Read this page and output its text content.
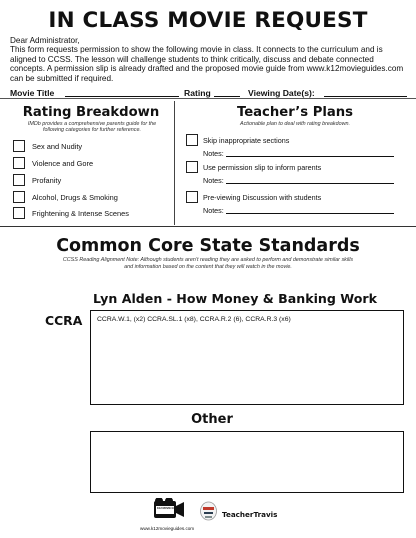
IN CLASS MOVIE REQUEST
Dear Administrator,
This form requests permission to show the following movie in class. It connects to the curriculum and is aligned to CCSS. The lesson will challenge students to think critically, discuss and debate connected concepts. A permission slip is already drafted and the proposed movie guide from www.k12movieguides.com can be submitted if required.
Movie Title	Rating	Viewing Date(s):
Rating Breakdown
IMDb provides a comprehensive parents guide for the following categories for further reference.
Sex and Nudity
Violence and Gore
Profanity
Alcohol, Drugs & Smoking
Frightening & Intense Scenes
Teacher’s Plans
Actionable plan to deal with rating breakdown.
Skip inappropriate sections
Notes:
Use permission slip to inform parents
Notes:
Pre-viewing Discussion with students
Notes:
Common Core State Standards
CCSS Reading Alignment Note: Although students aren’t reading they are asked to perform and demonstrate similar skills and information based on the content that they will watch in the movie.
Lyn Alden - How Money & Banking Work
CCRA CCRA.W.1, (x2) CCRA.SL.1 (x8), CCRA.R.2 (6), CCRA.R.3 (x6)
Other
K12 MOVIE GUIDES
www.k12movieguides.com
TeacherTravis
